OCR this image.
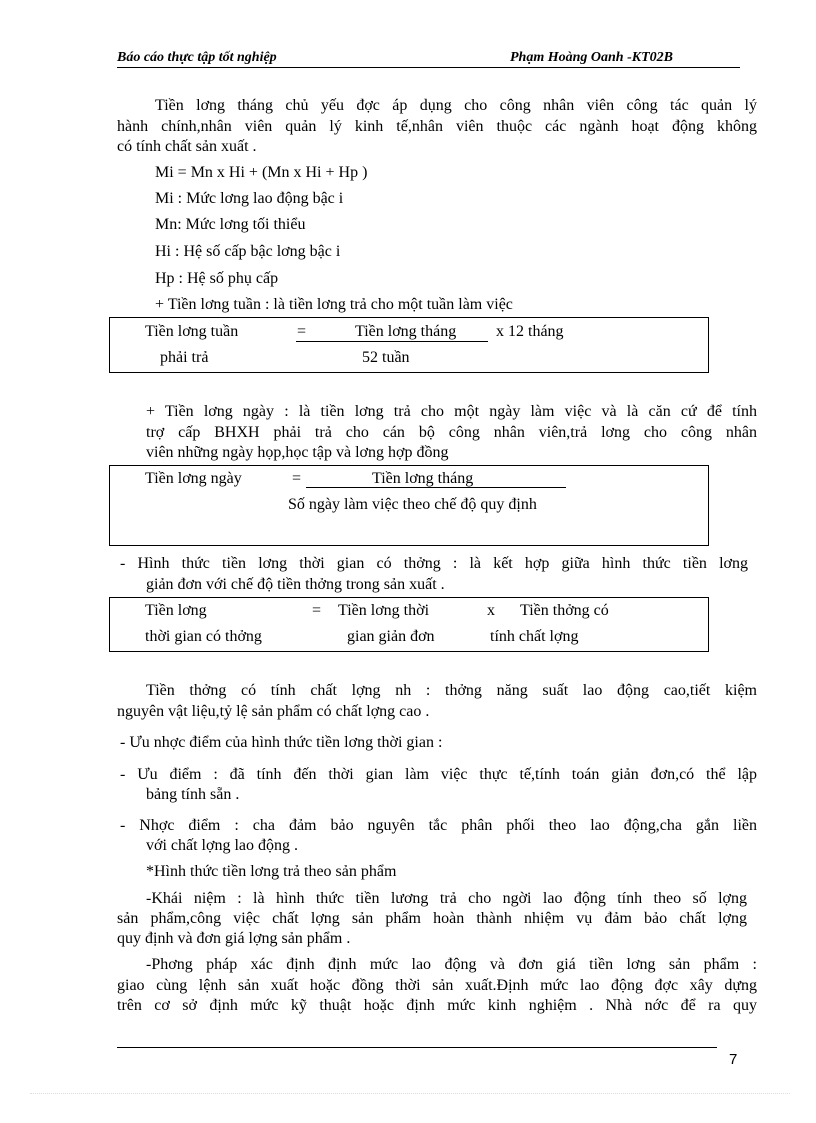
Báo cáo thực tập tốt nghiệp	Phạm Hoàng Oanh -KT02B
Tiền lơng tháng chủ yếu đợc áp dụng cho công nhân viên công tác quản lý
hành chính,nhân viên quản lý kinh tế,nhân viên thuộc các ngành hoạt động không
có tính chất sản xuất .
Mi = Mn x Hi + (Mn x Hi + Hp )
Mi : Mức lơng lao động bậc i
Mn: Mức lơng tối thiểu
Hi : Hệ số cấp bậc lơng bậc i
Hp : Hệ số phụ cấp
+ Tiền lơng tuần : là tiền lơng trả cho một tuần làm việc
Tiền lơng tuần	=	Tiền lơng tháng x 12 tháng
phải trả	52 tuần
+ Tiền lơng ngày : là tiền lơng trả cho một ngày làm việc và là căn cứ để tính
trợ cấp BHXH phải trả cho cán bộ công nhân viên,trả lơng cho công nhân
viên những ngày họp,học tập và lơng hợp đồng
Tiền lơng ngày	=	Tiền lơng tháng
Số ngày làm việc theo chế độ quy định
- Hình thức tiền lơng thời gian có thởng : là kết hợp giữa hình thức tiền lơng
giản đơn với chế độ tiền thởng trong sản xuất .
Tiền lơng	= Tiền lơng thời	x Tiền thởng có
thời gian có thởng	gian giản đơn	tính chất lợng
Tiền thởng có tính chất lợng nh : thởng năng suất lao động cao,tiết kiệm
nguyên vật liệu,tỷ lệ sản phẩm có chất lợng cao .
- Ưu nhợc điểm của hình thức tiền lơng thời gian :
- Ưu điểm : đã tính đến thời gian làm việc thực tế,tính toán giản đơn,có thể lập
bảng tính sẵn .
- Nhợc điểm : cha đảm bảo nguyên tắc phân phối theo lao động,cha gắn liền
với chất lợng lao động .
*Hình thức tiền lơng trả theo sản phẩm
-Khái niệm : là hình thức tiền lương trả cho ngời lao động tính theo số lợng
sản phẩm,công việc chất lợng sản phẩm hoàn thành nhiệm vụ đảm bảo chất lợng
quy định và đơn giá lợng sản phẩm .
-Phơng pháp xác định định mức lao động và đơn giá tiền lơng sản phẩm :
giao cùng lệnh sản xuất hoặc đồng thời sản xuất.Định mức lao động đợc xây dựng
trên cơ sở định mức kỹ thuật hoặc định mức kinh nghiệm . Nhà nớc để ra quy
7
